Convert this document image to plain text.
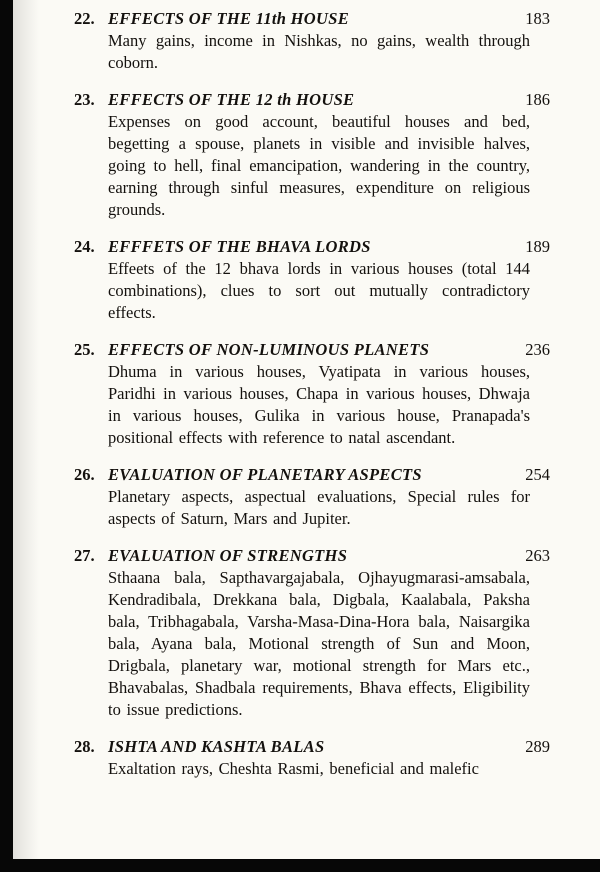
22. EFFECTS OF THE 11th HOUSE	183
Many gains, income in Nishkas, no gains, wealth through coborn.
23. EFFECTS OF THE 12 th HOUSE	186
Expenses on good account, beautiful houses and bed, begetting a spouse, planets in visible and invisible halves, going to hell, final emancipation, wandering in the country, earning through sinful measures, expenditure on religious grounds.
24. EFFFETS OF THE BHAVA LORDS	189
Effeets of the 12 bhava lords in various houses (total 144 combinations), clues to sort out mutually contradictory effects.
25. EFFECTS OF NON-LUMINOUS PLANETS	236
Dhuma in various houses, Vyatipata in various houses, Paridhi in various houses, Chapa in various houses, Dhwaja in various houses, Gulika in various house, Pranapada's positional effects with reference to natal ascendant.
26. EVALUATION OF PLANETARY ASPECTS	254
Planetary aspects, aspectual evaluations, Special rules for aspects of Saturn, Mars and Jupiter.
27. EVALUATION OF STRENGTHS	263
Sthaana bala, Sapthavargajabala, Ojhayugmarasi-amsabala, Kendradibala, Drekkana bala, Digbala, Kaalabala, Paksha bala, Tribhagabala, Varsha-Masa-Dina-Hora bala, Naisargika bala, Ayana bala, Motional strength of Sun and Moon, Drigbala, planetary war, motional strength for Mars etc., Bhavabalas, Shadbala requirements, Bhava effects, Eligibility to issue predictions.
28. ISHTA AND KASHTA BALAS	289
Exaltation rays, Cheshta Rasmi, beneficial and malefic
